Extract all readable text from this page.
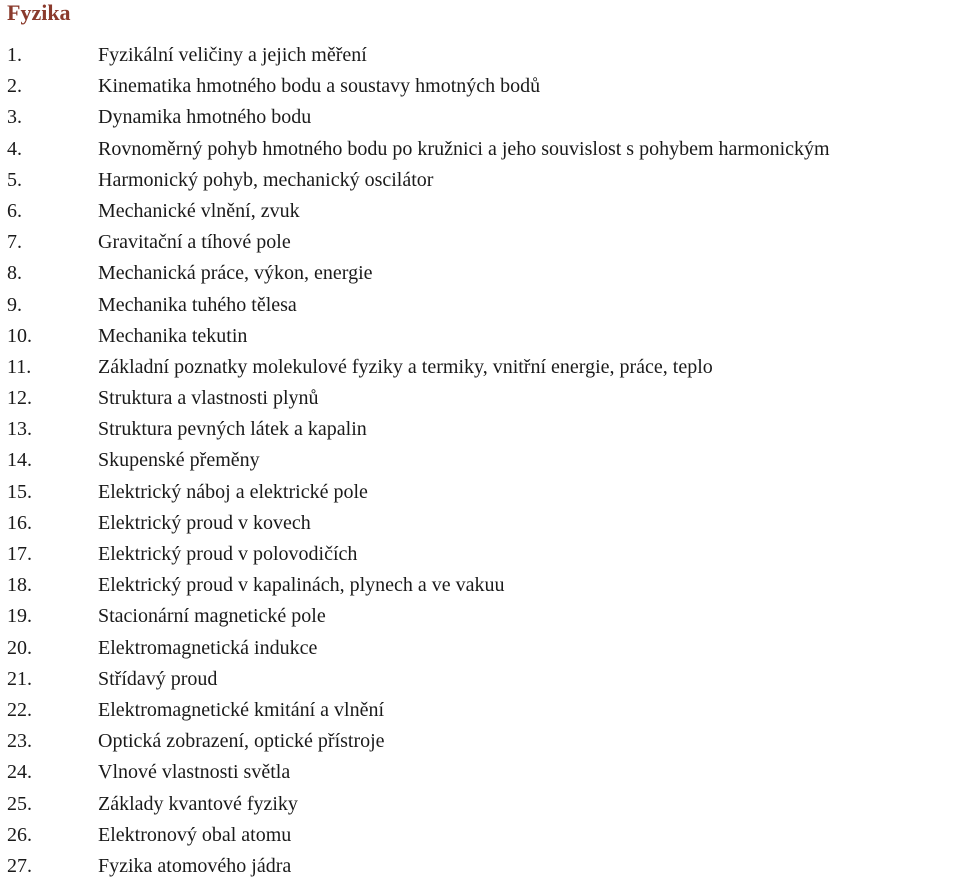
Fyzika
1.	Fyzikální veličiny a jejich měření
2.	Kinematika hmotného bodu a soustavy hmotných bodů
3.	Dynamika hmotného bodu
4.	Rovnoměrný pohyb hmotného bodu po kružnici a jeho souvislost s pohybem harmonickým
5.	Harmonický pohyb, mechanický oscilátor
6.	Mechanické vlnění, zvuk
7.	Gravitační a tíhové pole
8.	Mechanická práce, výkon, energie
9.	Mechanika tuhého tělesa
10.	Mechanika tekutin
11.	Základní poznatky molekulové fyziky a termiky, vnitřní energie, práce, teplo
12.	Struktura a vlastnosti plynů
13.	Struktura pevných látek a kapalin
14.	Skupenské přeměny
15.	Elektrický náboj a elektrické pole
16.	Elektrický proud v kovech
17.	Elektrický proud v polovodičích
18.	Elektrický proud v kapalinách, plynech a ve vakuu
19.	Stacionární magnetické pole
20.	Elektromagnetická indukce
21.	Střídavý proud
22.	Elektromagnetické kmitání a vlnění
23.	Optická zobrazení, optické přístroje
24.	Vlnové vlastnosti světla
25.	Základy kvantové fyziky
26.	Elektronový obal atomu
27.	Fyzika atomového jádra
